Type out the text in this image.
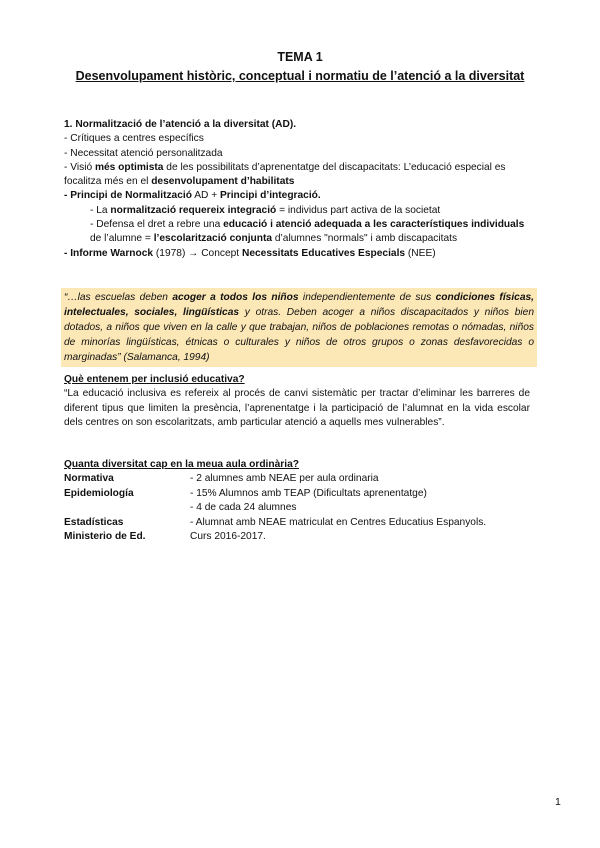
TEMA 1
Desenvolupament històric, conceptual i normatiu de l’atenció a la diversitat
1. Normalització de l’atenció a la diversitat (AD).
- Crítiques a centres específics
- Necessitat atenció personalitzada
- Visió més optimista de les possibilitats d’aprenentatge del discapacitats: L’educació especial es focalitza més en el desenvolupament d’habilitats
- Principi de Normalització AD + Principi d’integració.
- La normalització requereix integració = individus part activa de la societat
- Defensa el dret a rebre una educació i atenció adequada a les característiques individuals de l’alumne = l’escolarització conjunta d’alumnes "normals" i amb discapacitats
- Informe Warnock (1978) → Concept Necessitats Educatives Especials (NEE)
“…las escuelas deben acoger a todos los niños independientemente de sus condiciones físicas, intelectuales, sociales, lingüísticas y otras. Deben acoger a niños discapacitados y niños bien dotados, a niños que viven en la calle y que trabajan, niños de poblaciones remotas o nómadas, niños de minorías lingüísticas, étnicas o culturales y niños de otros grupos o zonas desfavorecidas o marginadas” (Salamanca, 1994)
Què entenem per inclusió educativa?
“La educació inclusiva es refereix al procés de canvi sistemàtic per tractar d’eliminar les barreres de diferent tipus que limiten la presència, l’aprenentatge i la participació de l’alumnat en la vida escolar dels centres on son escolaritzats, amb particular atenció a aquells mes vulnerables”.
Quanta diversitat cap en la meua aula ordinària?
Normativa	- 2 alumnes amb NEAE per aula ordinaria
Epidemiología	- 15% Alumnos amb TEAP (Dificultats aprenentatge)
	- 4 de cada 24 alumnes
Estadísticas	- Alumnat amb NEAE matriculat en Centres Educatius Espanyols.
Ministerio de Ed.	Curs 2016-2017.
1
